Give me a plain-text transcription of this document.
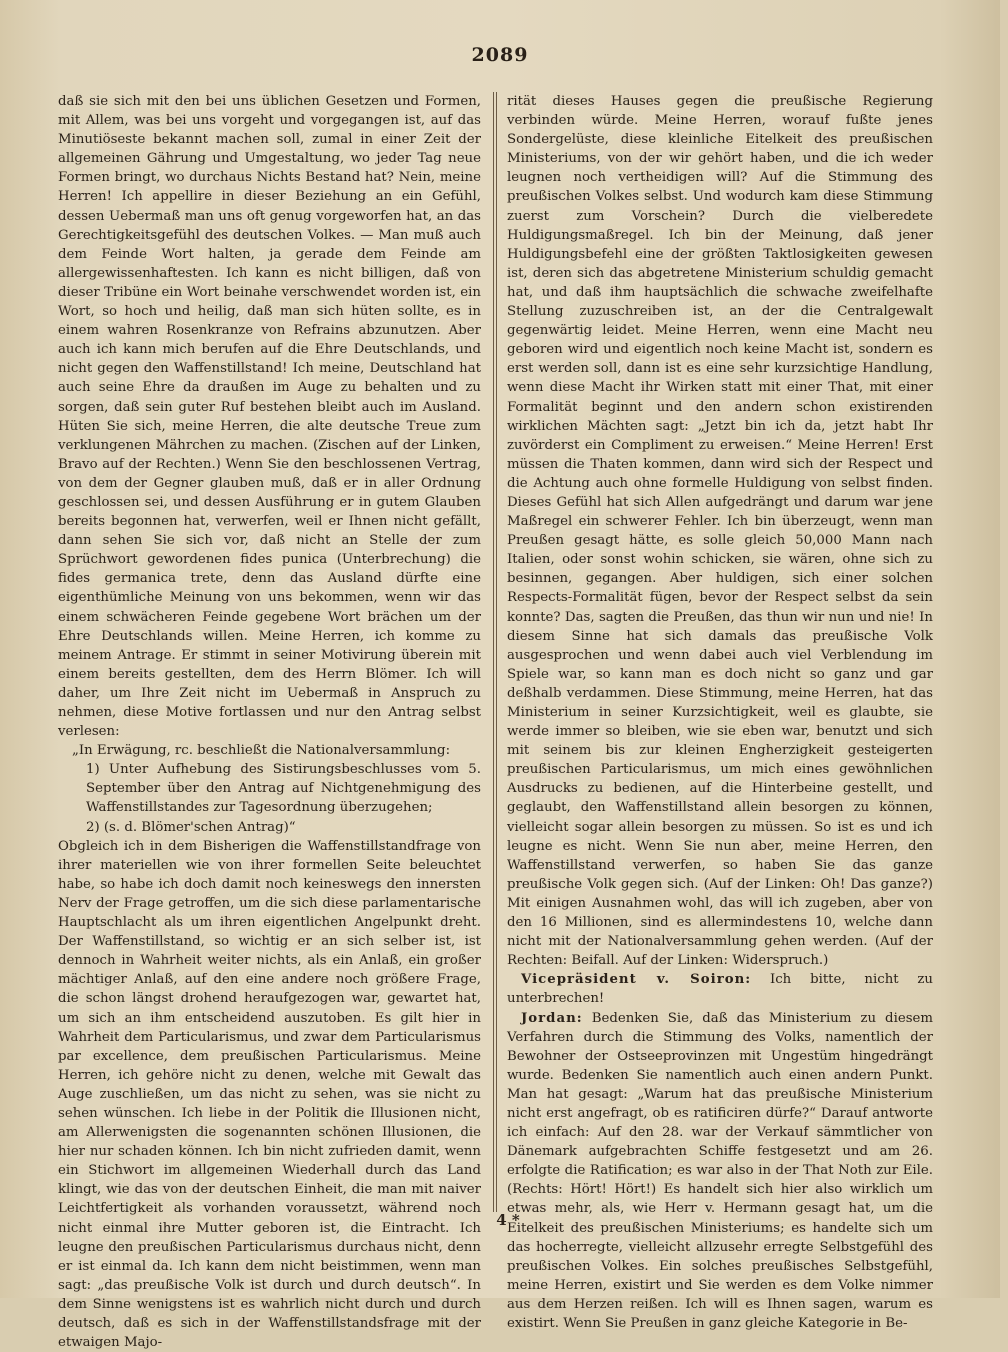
2089

daß sie sich mit den bei uns üblichen Gesetzen und Formen, mit Allem, was bei uns vorgeht und vorgegangen ist, auf das Minutiöseste bekannt machen soll, zumal in einer Zeit der allgemeinen Gährung und Umgestaltung, wo jeder Tag neue Formen bringt, wo durchaus Nichts Bestand hat? Nein, meine Herren! Ich appellire in dieser Beziehung an ein Gefühl, dessen Uebermaß man uns oft genug vorgeworfen hat, an das Gerechtigkeitsgefühl des deutschen Volkes. — Man muß auch dem Feinde Wort halten, ja gerade dem Feinde am allergewissenhaftesten. Ich kann es nicht billigen, daß von dieser Tribüne ein Wort beinahe verschwendet worden ist, ein Wort, so hoch und heilig, daß man sich hüten sollte, es in einem wahren Rosenkranze von Refrains abzunutzen. Aber auch ich kann mich berufen auf die Ehre Deutschlands, und nicht gegen den Waffenstillstand! Ich meine, Deutschland hat auch seine Ehre da draußen im Auge zu behalten und zu sorgen, daß sein guter Ruf bestehen bleibt auch im Ausland. Hüten Sie sich, meine Herren, die alte deutsche Treue zum verklungenen Mährchen zu machen. (Zischen auf der Linken, Bravo auf der Rechten.) Wenn Sie den beschlossenen Vertrag, von dem der Gegner glauben muß, daß er in aller Ordnung geschlossen sei, und dessen Ausführung er in gutem Glauben bereits begonnen hat, verwerfen, weil er Ihnen nicht gefällt, dann sehen Sie sich vor, daß nicht an Stelle der zum Sprüchwort gewordenen fides punica (Unterbrechung) die fides germanica trete, denn das Ausland dürfte eine eigenthümliche Meinung von uns bekommen, wenn wir das einem schwächeren Feinde gegebene Wort brächen um der Ehre Deutschlands willen. Meine Herren, ich komme zu meinem Antrage. Er stimmt in seiner Motivirung überein mit einem bereits gestellten, dem des Herrn Blömer. Ich will daher, um Ihre Zeit nicht im Uebermaß in Anspruch zu nehmen, diese Motive fortlassen und nur den Antrag selbst verlesen:

„In Erwägung, rc. beschließt die Nationalversammlung:

1) Unter Aufhebung des Sistirungsbeschlusses vom 5. September über den Antrag auf Nichtgenehmigung des Waffenstillstandes zur Tagesordnung überzugehen;

2) (s. d. Blömer'schen Antrag)“

Obgleich ich in dem Bisherigen die Waffenstillstandfrage von ihrer materiellen wie von ihrer formellen Seite beleuchtet habe, so habe ich doch damit noch keineswegs den innersten Nerv der Frage getroffen, um die sich diese parlamentarische Hauptschlacht als um ihren eigentlichen Angelpunkt dreht. Der Waffenstillstand, so wichtig er an sich selber ist, ist dennoch in Wahrheit weiter nichts, als ein Anlaß, ein großer mächtiger Anlaß, auf den eine andere noch größere Frage, die schon längst drohend heraufgezogen war, gewartet hat, um sich an ihm entscheidend auszutoben. Es gilt hier in Wahrheit dem Particularismus, und zwar dem Particularismus par excellence, dem preußischen Particularismus. Meine Herren, ich gehöre nicht zu denen, welche mit Gewalt das Auge zuschließen, um das nicht zu sehen, was sie nicht zu sehen wünschen. Ich liebe in der Politik die Illusionen nicht, am Allerwenigsten die sogenannten schönen Illusionen, die hier nur schaden können. Ich bin nicht zufrieden damit, wenn ein Stichwort im allgemeinen Wiederhall durch das Land klingt, wie das von der deutschen Einheit, die man mit naiver Leichtfertigkeit als vorhanden voraussetzt, während noch nicht einmal ihre Mutter geboren ist, die Eintracht. Ich leugne den preußischen Particularismus durchaus nicht, denn er ist einmal da. Ich kann dem nicht beistimmen, wenn man sagt: „das preußische Volk ist durch und durch deutsch“. In dem Sinne wenigstens ist es wahrlich nicht durch und durch deutsch, daß es sich in der Waffenstillstandsfrage mit der etwaigen Majo-

rität dieses Hauses gegen die preußische Regierung verbinden würde. Meine Herren, worauf fußte jenes Sondergelüste, diese kleinliche Eitelkeit des preußischen Ministeriums, von der wir gehört haben, und die ich weder leugnen noch vertheidigen will? Auf die Stimmung des preußischen Volkes selbst. Und wodurch kam diese Stimmung zuerst zum Vorschein? Durch die vielberedete Huldigungsmaßregel. Ich bin der Meinung, daß jener Huldigungsbefehl eine der größten Taktlosigkeiten gewesen ist, deren sich das abgetretene Ministerium schuldig gemacht hat, und daß ihm hauptsächlich die schwache zweifelhafte Stellung zuzuschreiben ist, an der die Centralgewalt gegenwärtig leidet. Meine Herren, wenn eine Macht neu geboren wird und eigentlich noch keine Macht ist, sondern es erst werden soll, dann ist es eine sehr kurzsichtige Handlung, wenn diese Macht ihr Wirken statt mit einer That, mit einer Formalität beginnt und den andern schon existirenden wirklichen Mächten sagt: „Jetzt bin ich da, jetzt habt Ihr zuvörderst ein Compliment zu erweisen.“ Meine Herren! Erst müssen die Thaten kommen, dann wird sich der Respect und die Achtung auch ohne formelle Huldigung von selbst finden. Dieses Gefühl hat sich Allen aufgedrängt und darum war jene Maßregel ein schwerer Fehler. Ich bin überzeugt, wenn man Preußen gesagt hätte, es solle gleich 50,000 Mann nach Italien, oder sonst wohin schicken, sie wären, ohne sich zu besinnen, gegangen. Aber huldigen, sich einer solchen Respects-Formalität fügen, bevor der Respect selbst da sein konnte? Das, sagten die Preußen, das thun wir nun und nie! In diesem Sinne hat sich damals das preußische Volk ausgesprochen und wenn dabei auch viel Verblendung im Spiele war, so kann man es doch nicht so ganz und gar deßhalb verdammen. Diese Stimmung, meine Herren, hat das Ministerium in seiner Kurzsichtigkeit, weil es glaubte, sie werde immer so bleiben, wie sie eben war, benutzt und sich mit seinem bis zur kleinen Engherzigkeit gesteigerten preußischen Particularismus, um mich eines gewöhnlichen Ausdrucks zu bedienen, auf die Hinterbeine gestellt, und geglaubt, den Waffenstillstand allein besorgen zu können, vielleicht sogar allein besorgen zu müssen. So ist es und ich leugne es nicht. Wenn Sie nun aber, meine Herren, den Waffenstillstand verwerfen, so haben Sie das ganze preußische Volk gegen sich. (Auf der Linken: Oh! Das ganze?) Mit einigen Ausnahmen wohl, das will ich zugeben, aber von den 16 Millionen, sind es allermindestens 10, welche dann nicht mit der Nationalversammlung gehen werden. (Auf der Rechten: Beifall. Auf der Linken: Widerspruch.)

Vicepräsident v. Soiron: Ich bitte, nicht zu unterbrechen!

Jordan: Bedenken Sie, daß das Ministerium zu diesem Verfahren durch die Stimmung des Volks, namentlich der Bewohner der Ostseeprovinzen mit Ungestüm hingedrängt wurde. Bedenken Sie namentlich auch einen andern Punkt. Man hat gesagt: „Warum hat das preußische Ministerium nicht erst angefragt, ob es ratificiren dürfe?“ Darauf antworte ich einfach: Auf den 28. war der Verkauf sämmtlicher von Dänemark aufgebrachten Schiffe festgesetzt und am 26. erfolgte die Ratification; es war also in der That Noth zur Eile. (Rechts: Hört! Hört!) Es handelt sich hier also wirklich um etwas mehr, als, wie Herr v. Hermann gesagt hat, um die Eitelkeit des preußischen Ministeriums; es handelte sich um das hocherregte, vielleicht allzusehr erregte Selbstgefühl des preußischen Volkes. Ein solches preußisches Selbstgefühl, meine Herren, existirt und Sie werden es dem Volke nimmer aus dem Herzen reißen. Ich will es Ihnen sagen, warum es existirt. Wenn Sie Preußen in ganz gleiche Kategorie in Be-

4 *
